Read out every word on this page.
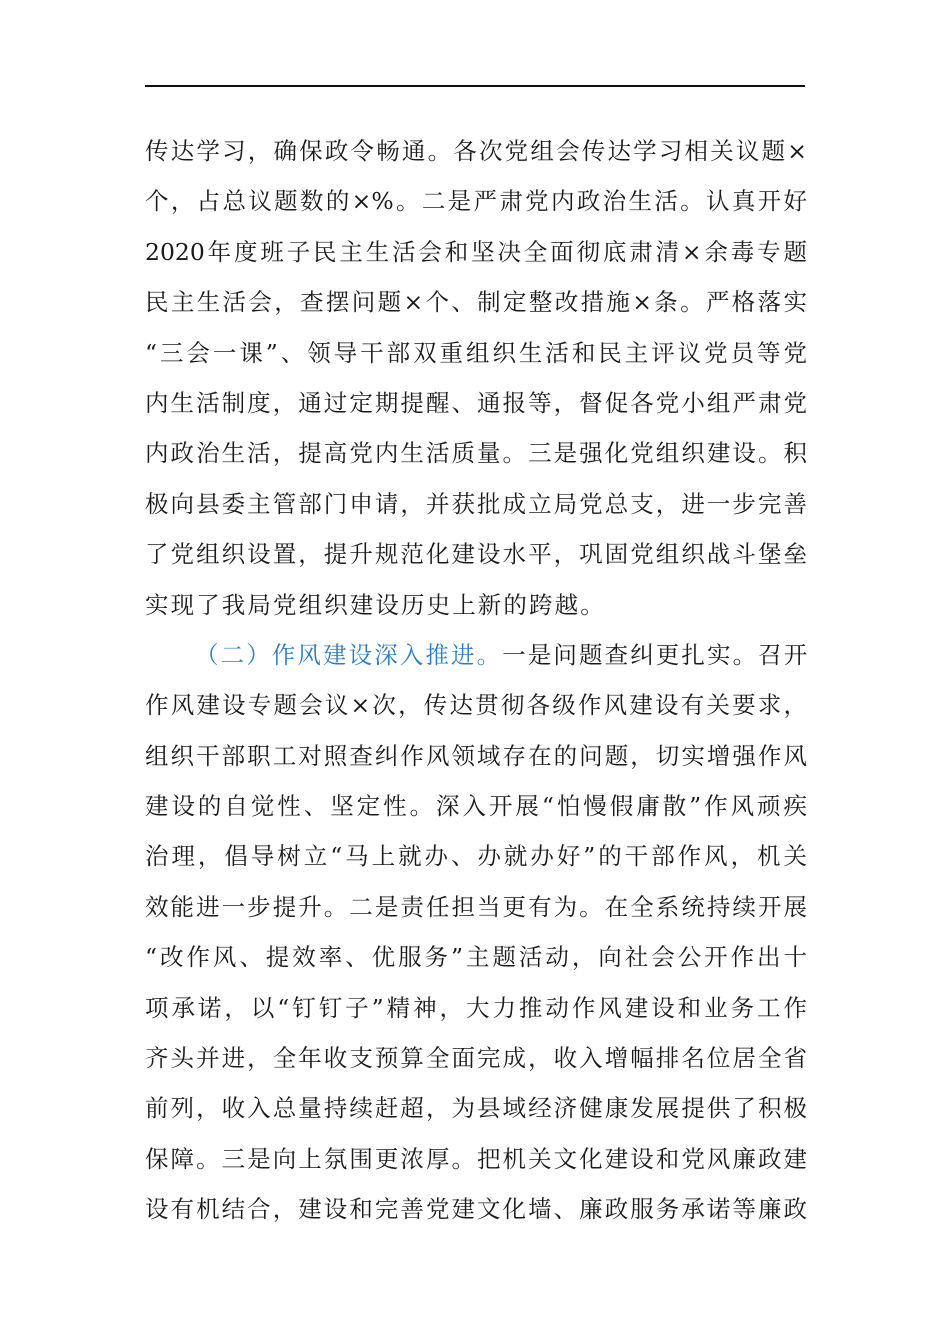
传达学习，确保政令畅通。各次党组会传达学习相关议题×
个，占总议题数的×%。二是严肃党内政治生活。认真开好
2020年度班子民主生活会和坚决全面彻底肃清×余毒专题
民主生活会，查摆问题×个、制定整改措施×条。严格落实
“三会一课”、领导干部双重组织生活和民主评议党员等党
内生活制度，通过定期提醒、通报等，督促各党小组严肃党
内政治生活，提高党内生活质量。三是强化党组织建设。积
极向县委主管部门申请，并获批成立局党总支，进一步完善
了党组织设置，提升规范化建设水平，巩固党组织战斗堡垒
实现了我局党组织建设历史上新的跨越。
（二）作风建设深入推进。一是问题查纠更扎实。召开
作风建设专题会议×次，传达贯彻各级作风建设有关要求，
组织干部职工对照查纠作风领域存在的问题，切实增强作风
建设的自觉性、坚定性。深入开展“怕慢假庸散”作风顽疾
治理，倡导树立“马上就办、办就办好”的干部作风，机关
效能进一步提升。二是责任担当更有为。在全系统持续开展
“改作风、提效率、优服务”主题活动，向社会公开作出十
项承诺，以“钉钉子”精神，大力推动作风建设和业务工作
齐头并进，全年收支预算全面完成，收入增幅排名位居全省
前列，收入总量持续赶超，为县域经济健康发展提供了积极
保障。三是向上氛围更浓厚。把机关文化建设和党风廉政建
设有机结合，建设和完善党建文化墙、廉政服务承诺等廉政
